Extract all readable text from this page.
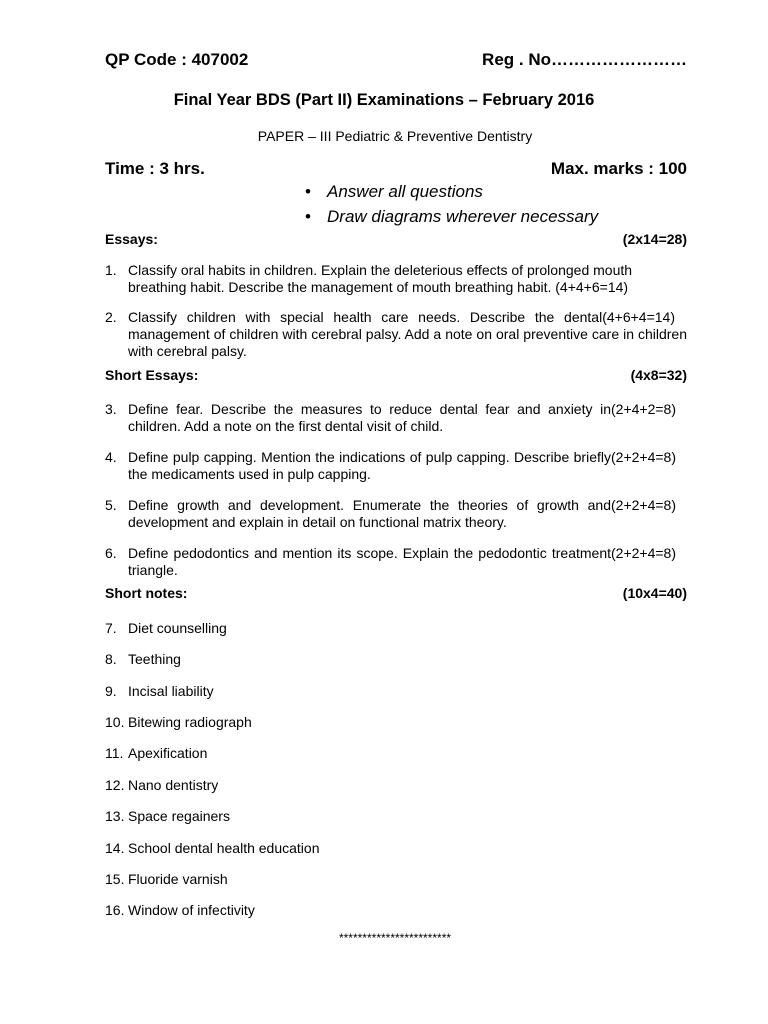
QP Code : 407002	Reg . No……………………
Final Year BDS (Part II) Examinations – February 2016
PAPER – III Pediatric & Preventive Dentistry
Time : 3 hrs.	Max. marks : 100
• Answer all questions
• Draw diagrams wherever necessary
Essays:	(2x14=28)
1. Classify oral habits in children. Explain the deleterious effects of prolonged mouth breathing habit. Describe the management of mouth breathing habit. (4+4+6=14)
2.	(4+6+4=14)
Classify children with special health care needs. Describe the dental management of children with cerebral palsy. Add a note on oral preventive care in children with cerebral palsy.
Short Essays:	(4x8=32)
3.	(2+4+2=8)
Define fear. Describe the measures to reduce dental fear and anxiety in children. Add a note on the first dental visit of child.
4.	(2+2+4=8)
Define pulp capping. Mention the indications of pulp capping. Describe briefly the medicaments used in pulp capping.
5.	(2+2+4=8)
Define growth and development. Enumerate the theories of growth and development and explain in detail on functional matrix theory.
6.	(2+2+4=8)
Define pedodontics and mention its scope. Explain the pedodontic treatment triangle.
Short notes:	(10x4=40)
7. Diet counselling
8. Teething
9. Incisal liability
10. Bitewing radiograph
11. Apexification
12. Nano dentistry
13. Space regainers
14. School dental health education
15. Fluoride varnish
16. Window of infectivity
************************
